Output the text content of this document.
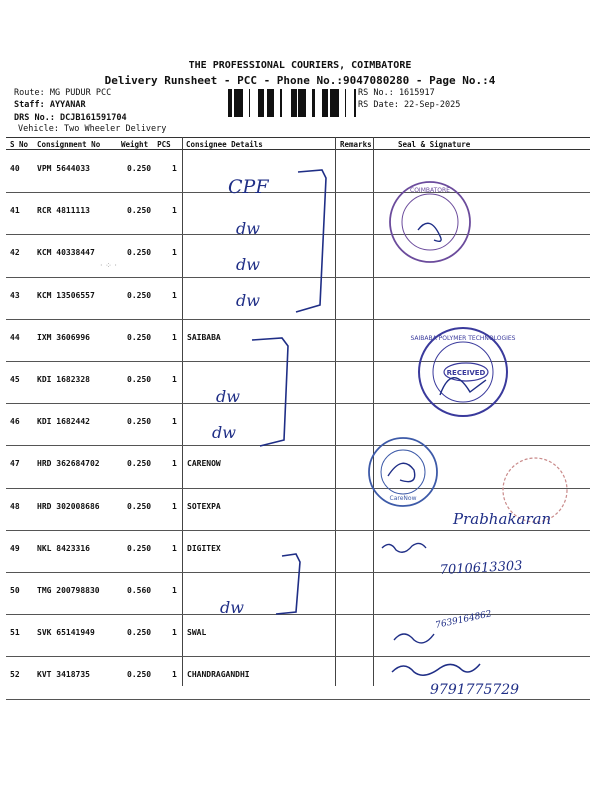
THE PROFESSIONAL COURIERS, COIMBATORE
Delivery Runsheet - PCC - Phone No.:9047080280 - Page No.:4
Route: MG PUDUR PCC
Staff: AYYANAR
DRS No.: DCJB161591704
Vehicle: Two Wheeler Delivery
RS No.: 1615917
RS Date: 22-Sep-2025
S No Consignment No	Weight  PCS Consignee Details	Remarks	Seal & Signature
40 VPM 5644033	0.250	1
41 RCR 4811113	0.250	1
42 KCM 40338447	0.250	1
43 KCM 13506557	0.250	1
44 IXM 3606996	0.250	1 SAIBABA
45 KDI 1682328	0.250	1
46 KDI 1682442	0.250	1
47 HRD 362684702	0.250	1 CARENOW
48 HRD 302008686	0.250	1 SOTEXPA
49 NKL 8423316	0.250	1 DIGITEX
50 TMG 200798830	0.560	1
51 SVK 65141949	0.250	1 SWAL
52 KVT 3418735	0.250	1 CHANDRAGANDHI
CPF
dw
dw
dw
dw
dw
dw
· ⁘ ·
COIMBATORE
SAIBABA POLYMER TECHNOLOGIES
RECEIVED
CareNow
Prabhakaran
7010613303
7639164862
9791775729
